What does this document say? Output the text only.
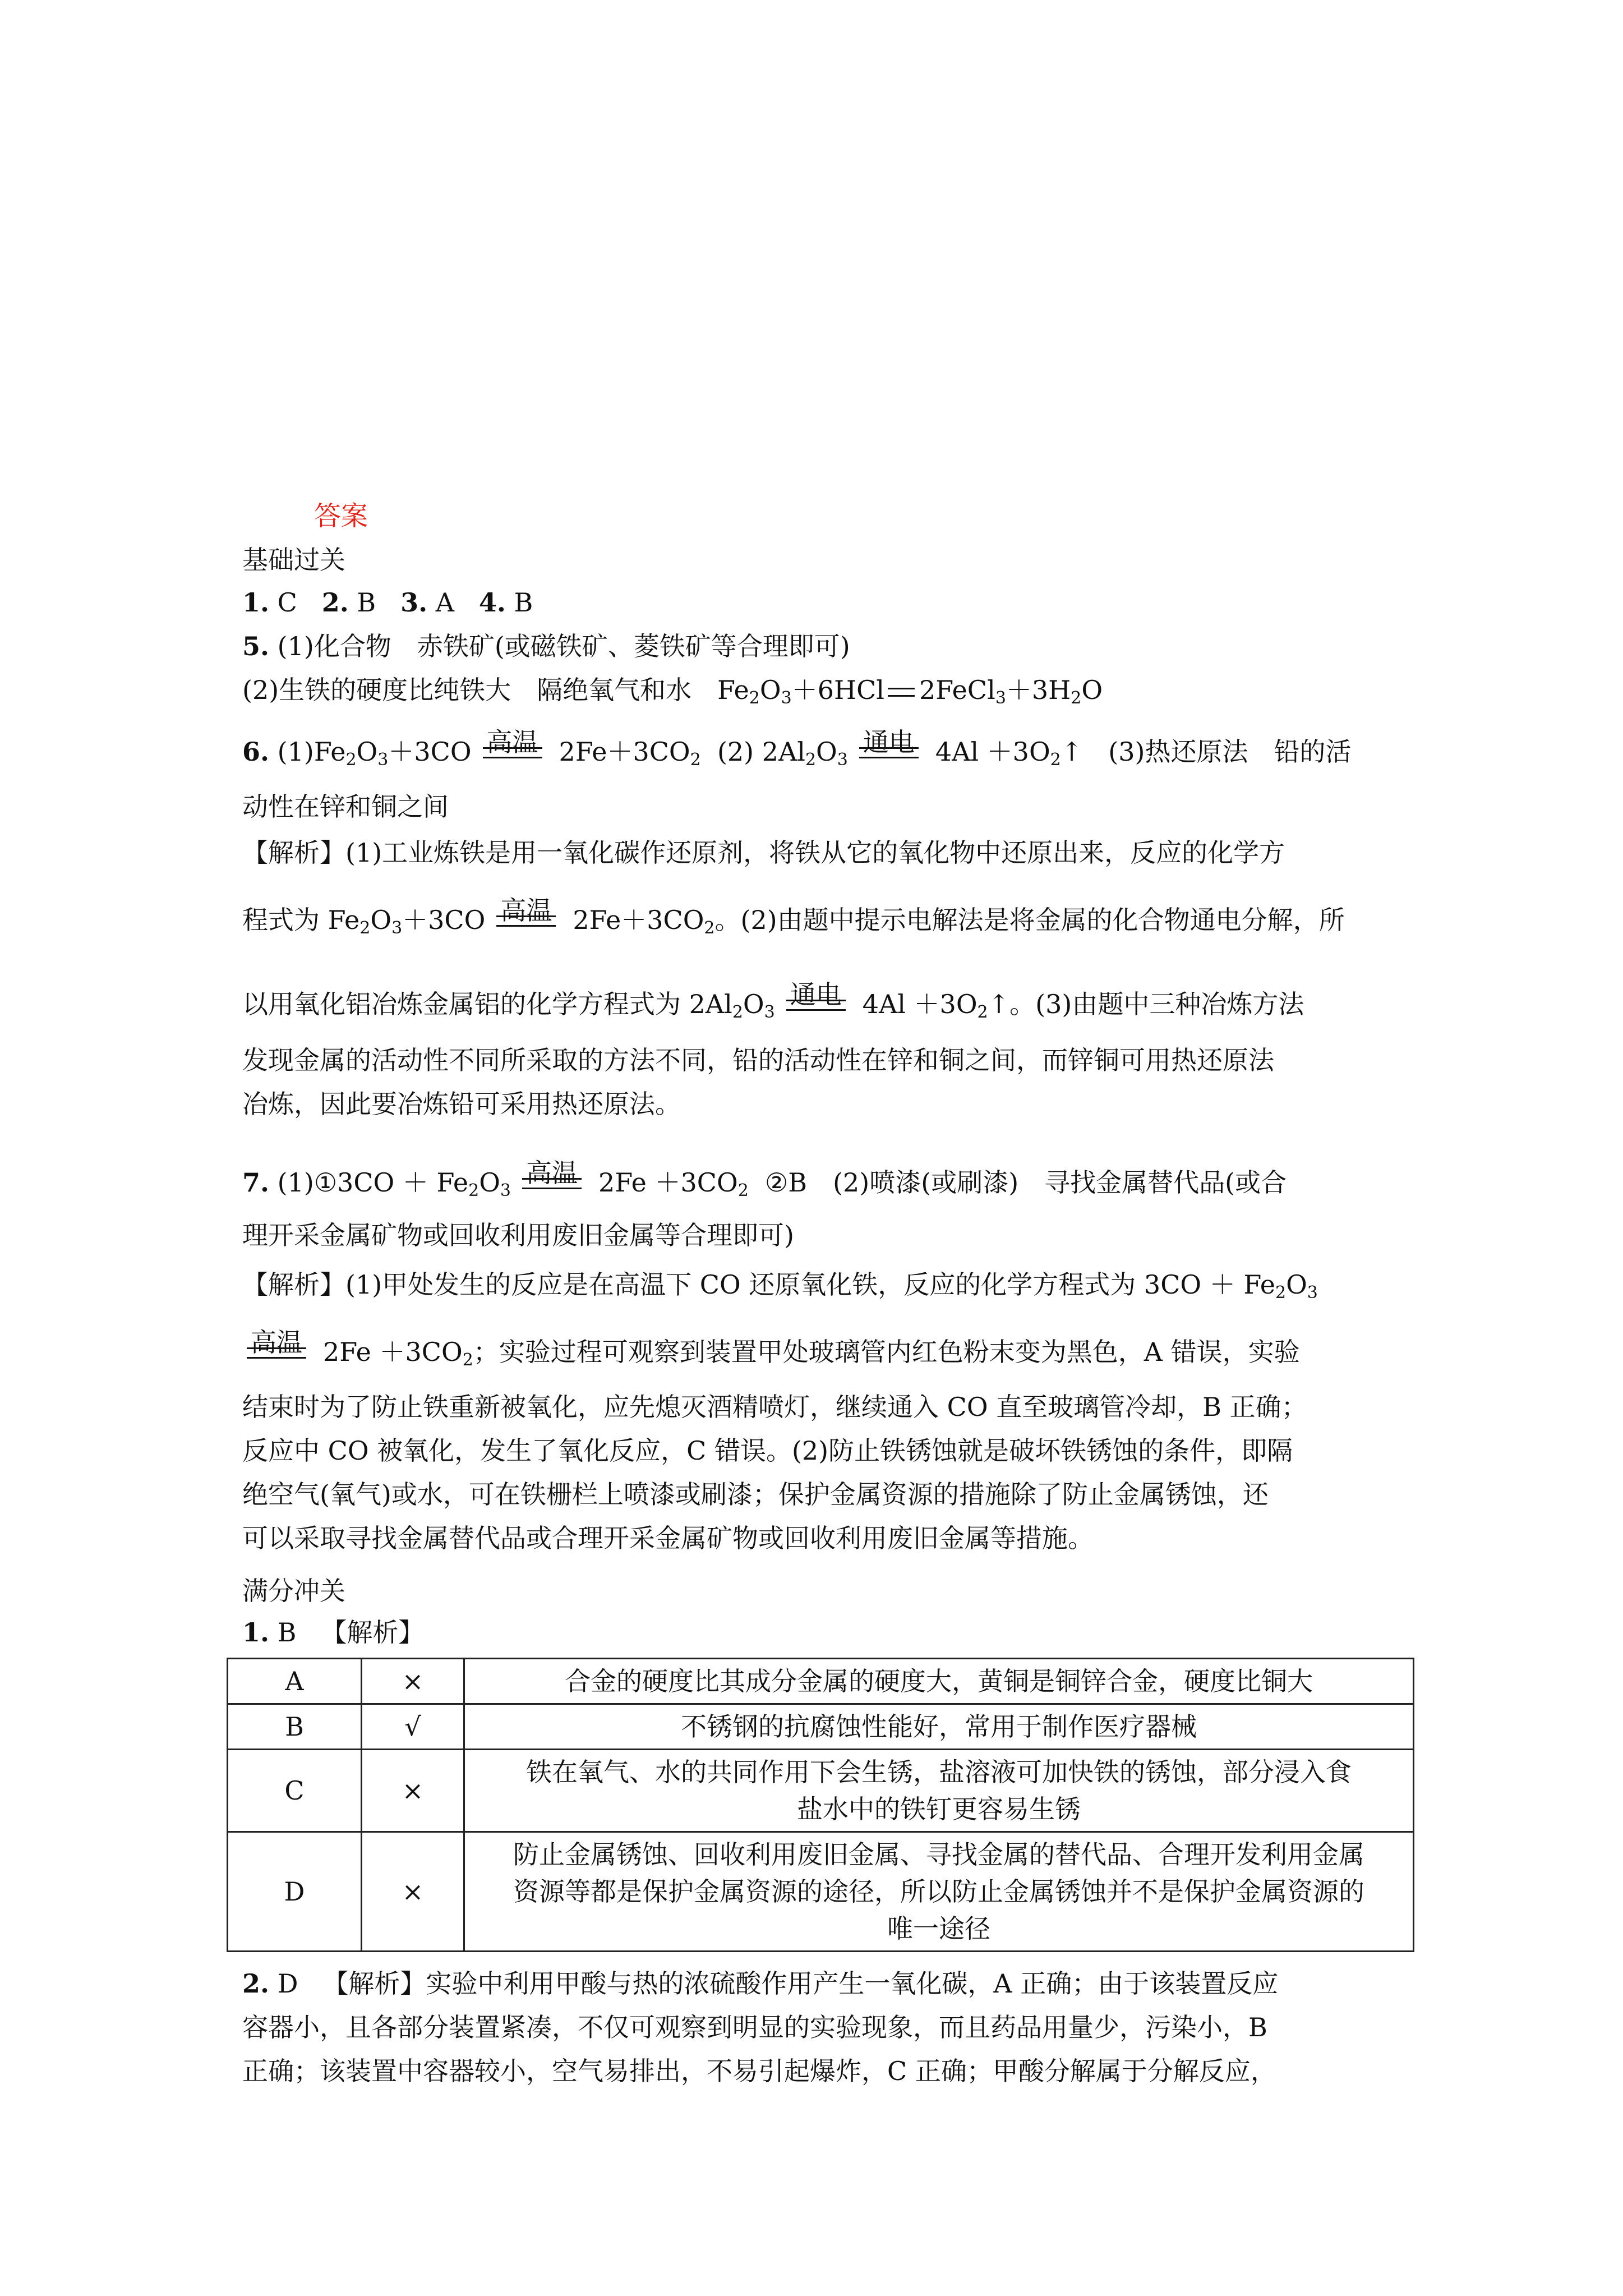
答案
基础过关
1. C 2. B 3. A 4. B
5. (1)化合物　赤铁矿(或磁铁矿、菱铁矿等合理即可)
(2)生铁的硬度比纯铁大　隔绝氧气和水　$Fe_2O_3+6HCl$ $2FeCl_3+3H_2O$
6. $(1)Fe_2O_3+3CO$ 高温 $2Fe+3CO_2$ (2) $2Al_2O_3$
通电 $4Al +3O_2↑$　(3)热还原法　铅的活
动性在锌和铜之间
【解析】(1)工业炼铁是用一氧化碳作还原剂，将铁从它的氧化物中还原出来，反应的化学方
程式为 $Fe_2O_3+3CO$ 高温 $2Fe+3CO_2$。(2)由题中提示电解法是将金属的化合物通电分解，所
以用氧化铝冶炼金属铝的化学方程式为 $2Al_2O_3$
通电 $4Al +3O_2↑$。(3)由题中三种冶炼方法
发现金属的活动性不同所采取的方法不同，铅的活动性在锌和铜之间，而锌铜可用热还原法
冶炼，因此要冶炼铅可采用热还原法。
7. (1)①3CO ＋ $Fe_2O_3$
高温 $2Fe +3CO_2$ ②B　(2)喷漆(或刷漆)　寻找金属替代品(或合
理开采金属矿物或回收利用废旧金属等合理即可)
【解析】(1)甲处发生的反应是在高温下 CO 还原氧化铁，反应的化学方程式为 $3CO + Fe_2O_3$
高温 $2Fe +3CO_2$；实验过程可观察到装置甲处玻璃管内红色粉末变为黑色，A 错误，实验
结束时为了防止铁重新被氧化，应先熄灭酒精喷灯，继续通入 CO 直至玻璃管冷却，B 正确；
反应中 CO 被氧化，发生了氧化反应，C 错误。(2)防止铁锈蚀就是破坏铁锈蚀的条件，即隔
绝空气(氧气)或水，可在铁栅栏上喷漆或刷漆；保护金属资源的措施除了防止金属锈蚀，还
可以采取寻找金属替代品或合理开采金属矿物或回收利用废旧金属等措施。
满分冲关
1. B 【解析】
A	×	合金的硬度比其成分金属的硬度大，黄铜是铜锌合金，硬度比铜大

B	√	不锈钢的抗腐蚀性能好，常用于制作医疗器械

C	×	铁在氧气、水的共同作用下会生锈，盐溶液可加快铁的锈蚀，部分浸入食
盐水中的铁钉更容易生锈

D	×	防止金属锈蚀、回收利用废旧金属、寻找金属的替代品、合理开发利用金属
资源等都是保护金属资源的途径，所以防止金属锈蚀并不是保护金属资源的
唯一途径
2. D 【解析】实验中利用甲酸与热的浓硫酸作用产生一氧化碳，A 正确；由于该装置反应
容器小，且各部分装置紧凑，不仅可观察到明显的实验现象，而且药品用量少，污染小，B
正确；该装置中容器较小，空气易排出，不易引起爆炸，C 正确；甲酸分解属于分解反应，
